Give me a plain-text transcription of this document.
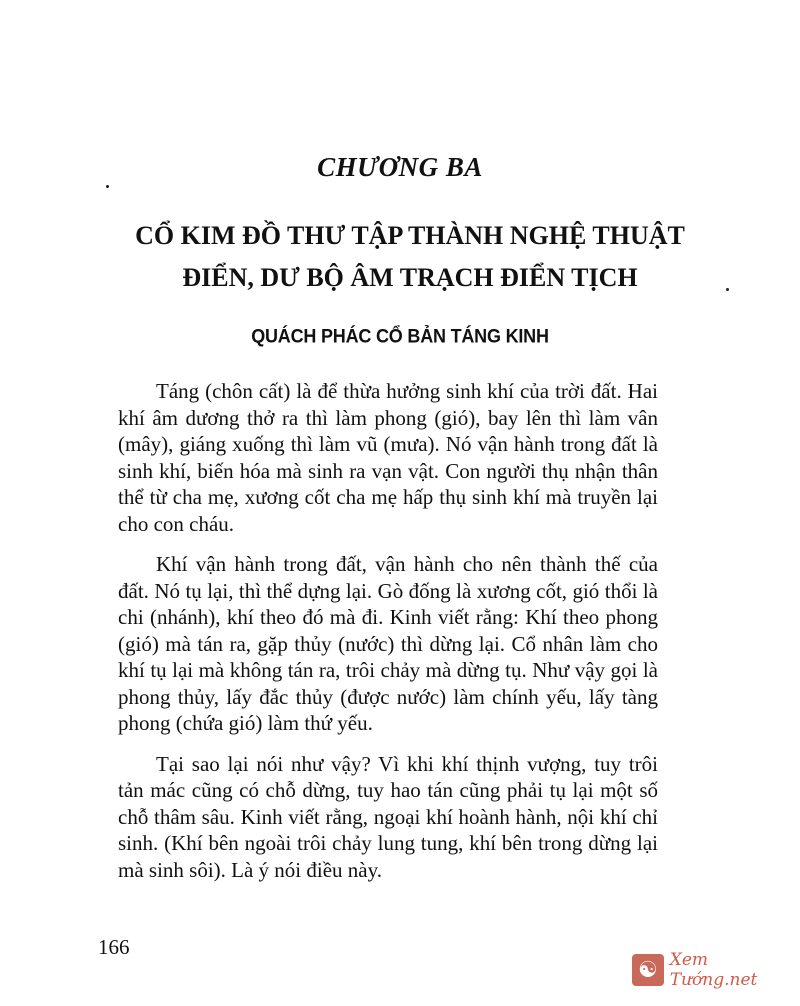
CHƯƠNG BA
CỔ KIM ĐỒ THƯ TẬP THÀNH NGHỆ THUẬT
ĐIỂN, DƯ BỘ ÂM TRẠCH ĐIỂN TỊCH
QUÁCH PHÁC CỔ BẢN TÁNG KINH

Táng (chôn cất) là để thừa hưởng sinh khí của trời đất. Hai khí âm dương thở ra thì làm phong (gió), bay lên thì làm vân (mây), giáng xuống thì làm vũ (mưa). Nó vận hành trong đất là sinh khí, biến hóa mà sinh ra vạn vật. Con người thụ nhận thân thể từ cha mẹ, xương cốt cha mẹ hấp thụ sinh khí mà truyền lại cho con cháu.

Khí vận hành trong đất, vận hành cho nên thành thế của đất. Nó tụ lại, thì thể dựng lại. Gò đống là xương cốt, gió thổi là chi (nhánh), khí theo đó mà đi. Kinh viết rằng: Khí theo phong (gió) mà tán ra, gặp thủy (nước) thì dừng lại. Cổ nhân làm cho khí tụ lại mà không tán ra, trôi chảy mà dừng tụ. Như vậy gọi là phong thủy, lấy đắc thủy (được nước) làm chính yếu, lấy tàng phong (chứa gió) làm thứ yếu.

Tại sao lại nói như vậy? Vì khi khí thịnh vượng, tuy trôi tản mác cũng có chỗ dừng, tuy hao tán cũng phải tụ lại một số chỗ thâm sâu. Kinh viết rằng, ngoại khí hoành hành, nội khí chỉ sinh. (Khí bên ngoài trôi chảy lung tung, khí bên trong dừng lại mà sinh sôi). Là ý nói điều này.

166
☯ Xem Tướng.net
